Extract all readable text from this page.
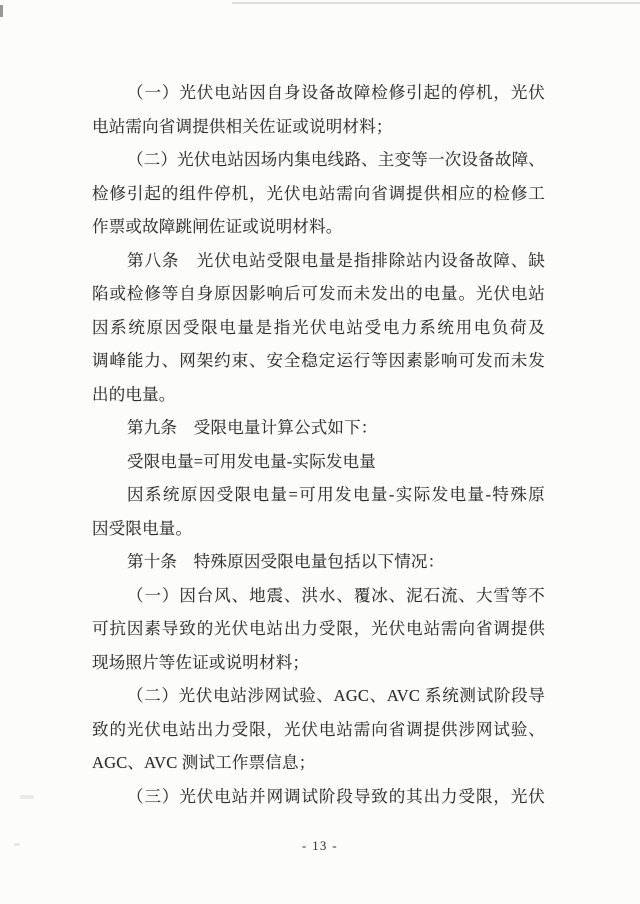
（一）光伏电站因自身设备故障检修引起的停机，光伏
电站需向省调提供相关佐证或说明材料；
（二）光伏电站因场内集电线路、主变等一次设备故障、
检修引起的组件停机，光伏电站需向省调提供相应的检修工
作票或故障跳闸佐证或说明材料。
第八条　光伏电站受限电量是指排除站内设备故障、缺
陷或检修等自身原因影响后可发而未发出的电量。光伏电站
因系统原因受限电量是指光伏电站受电力系统用电负荷及
调峰能力、网架约束、安全稳定运行等因素影响可发而未发
出的电量。
第九条　受限电量计算公式如下：
受限电量=可用发电量-实际发电量
因系统原因受限电量=可用发电量-实际发电量-特殊原
因受限电量。
第十条　特殊原因受限电量包括以下情况：
（一）因台风、地震、洪水、覆冰、泥石流、大雪等不
可抗因素导致的光伏电站出力受限，光伏电站需向省调提供
现场照片等佐证或说明材料；
（二）光伏电站涉网试验、AGC、AVC 系统测试阶段导
致的光伏电站出力受限，光伏电站需向省调提供涉网试验、
AGC、AVC 测试工作票信息；
（三）光伏电站并网调试阶段导致的其出力受限，光伏
- 13 -
